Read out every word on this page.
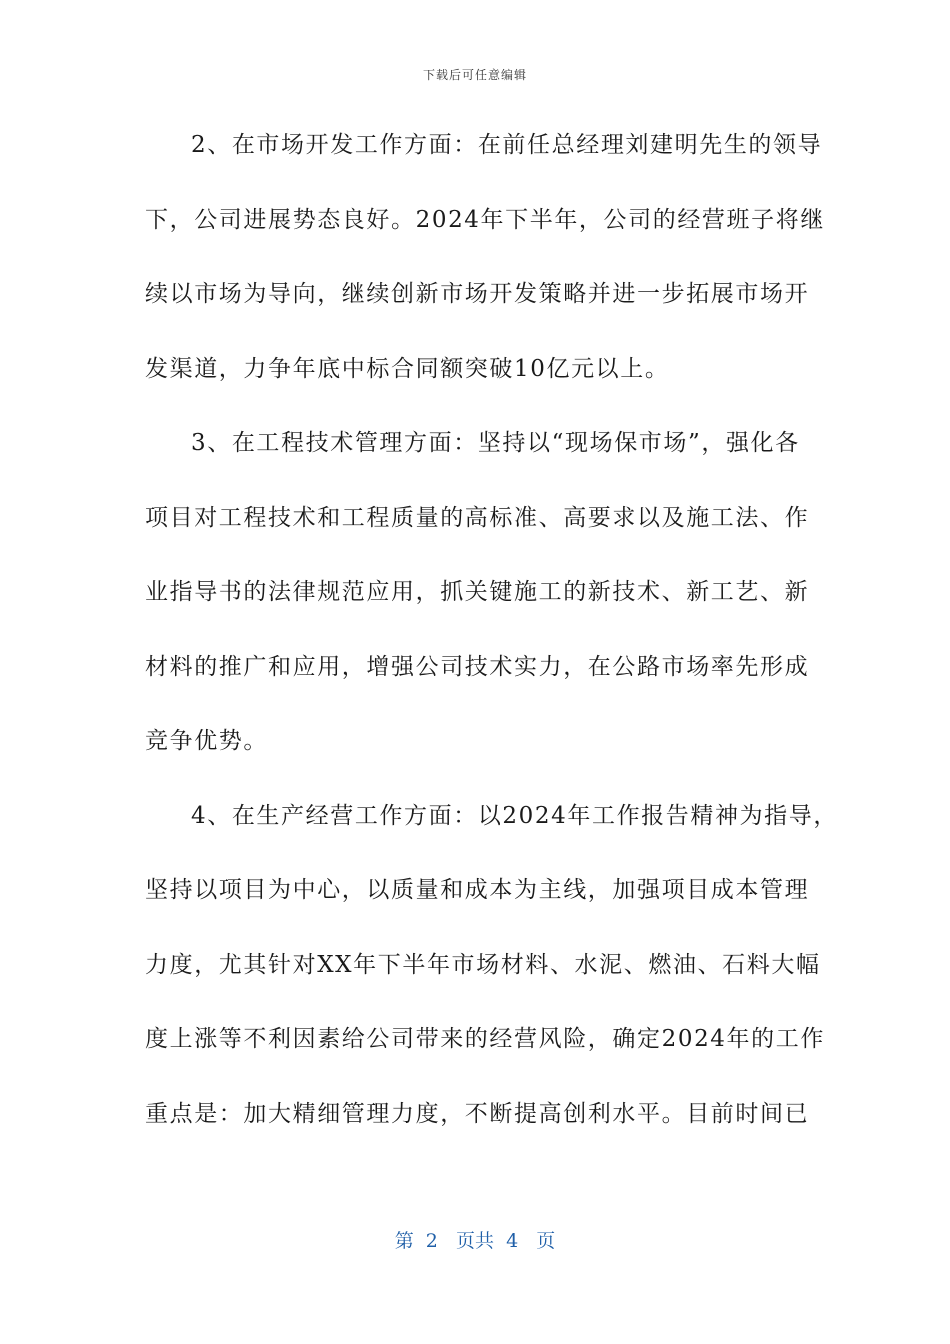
下载后可任意编辑
2、在市场开发工作方面：在前任总经理刘建明先生的领导
下，公司进展势态良好。2024年下半年，公司的经营班子将继
续以市场为导向，继续创新市场开发策略并进一步拓展市场开
发渠道，力争年底中标合同额突破10亿元以上。
3、在工程技术管理方面：坚持以“现场保市场”，强化各
项目对工程技术和工程质量的高标准、高要求以及施工法、作
业指导书的法律规范应用，抓关键施工的新技术、新工艺、新
材料的推广和应用，增强公司技术实力，在公路市场率先形成
竞争优势。
4、在生产经营工作方面：以2024年工作报告精神为指导，
坚持以项目为中心，以质量和成本为主线，加强项目成本管理
力度，尤其针对XX年下半年市场材料、水泥、燃油、石料大幅
度上涨等不利因素给公司带来的经营风险，确定2024年的工作
重点是：加大精细管理力度，不断提高创利水平。目前时间已
第  2   页共  4   页
